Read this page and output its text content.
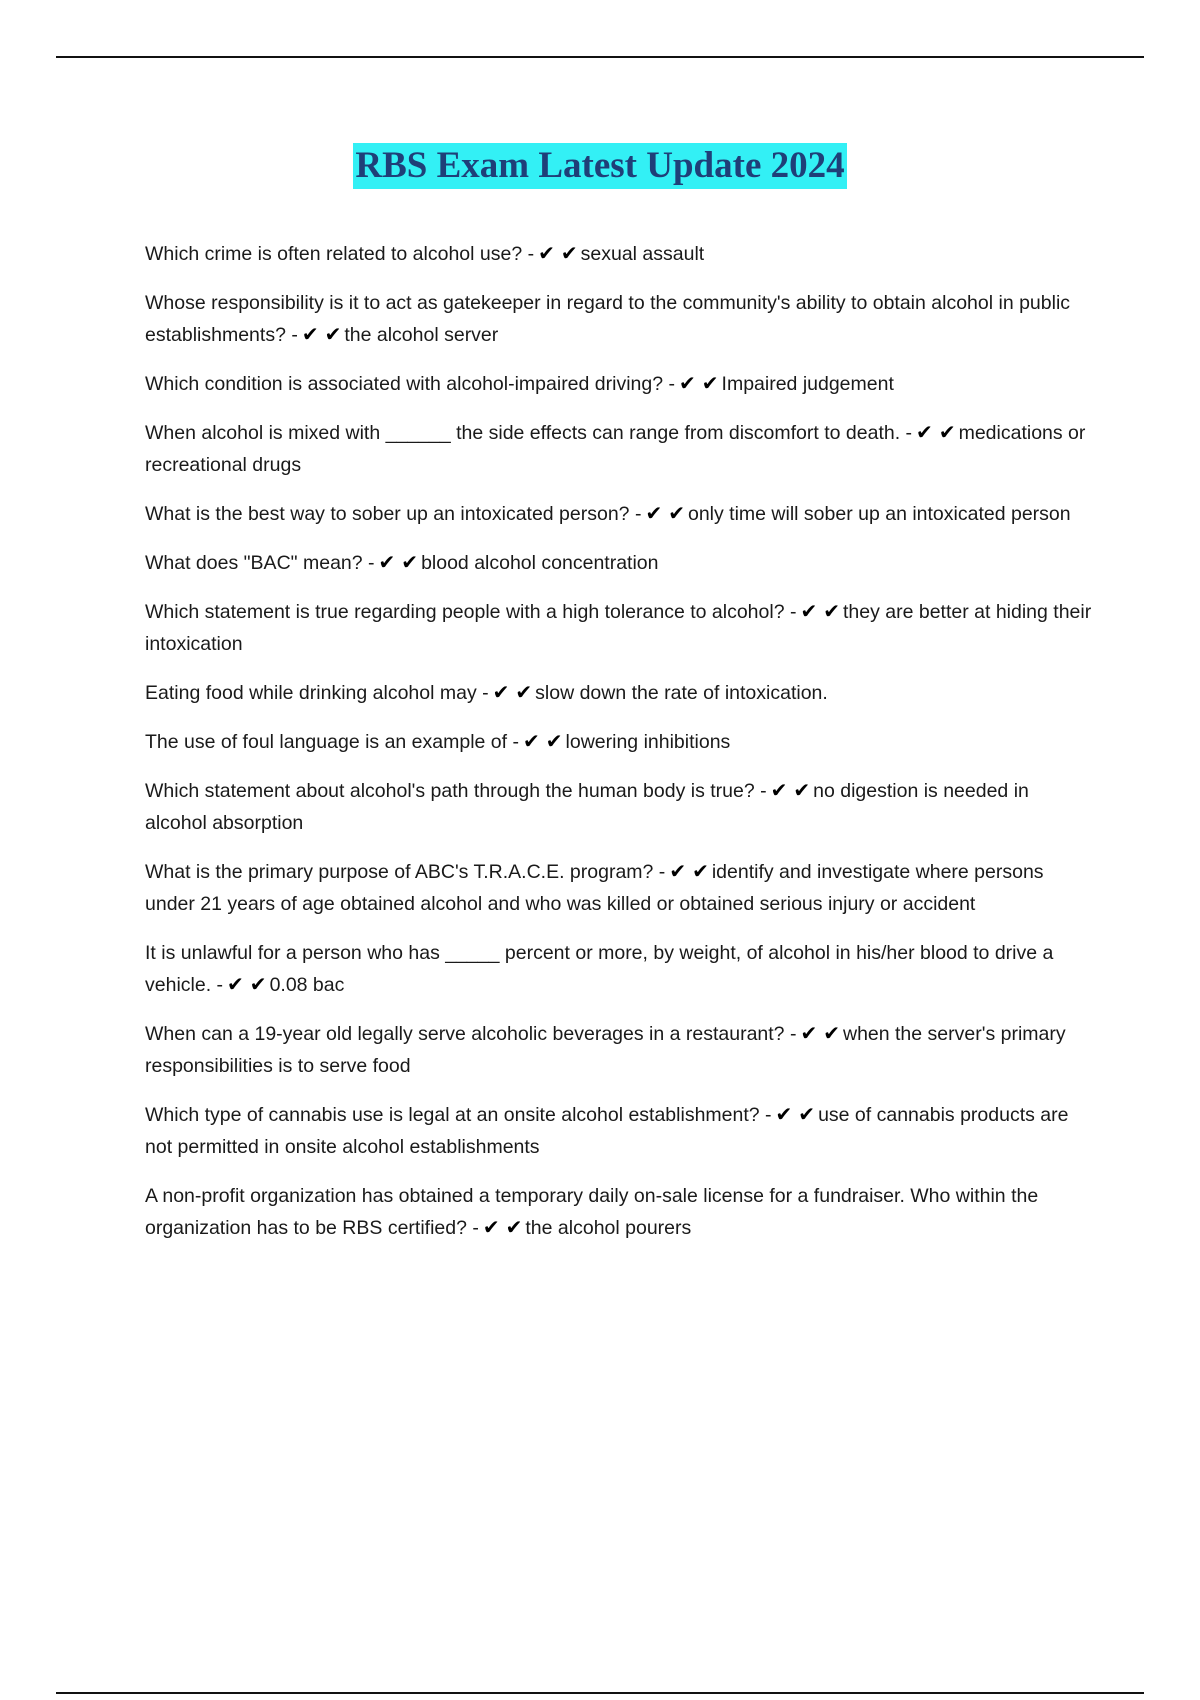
RBS Exam Latest Update 2024
Which crime is often related to alcohol use? - ✔ ✔ sexual assault
Whose responsibility is it to act as gatekeeper in regard to the community's ability to obtain alcohol in public establishments? - ✔ ✔ the alcohol server
Which condition is associated with alcohol-impaired driving? - ✔ ✔ Impaired judgement
When alcohol is mixed with ______ the side effects can range from discomfort to death. - ✔ ✔ medications or recreational drugs
What is the best way to sober up an intoxicated person? - ✔ ✔ only time will sober up an intoxicated person
What does "BAC" mean? - ✔ ✔ blood alcohol concentration
Which statement is true regarding people with a high tolerance to alcohol? - ✔ ✔ they are better at hiding their intoxication
Eating food while drinking alcohol may - ✔ ✔ slow down the rate of intoxication.
The use of foul language is an example of - ✔ ✔ lowering inhibitions
Which statement about alcohol's path through the human body is true? - ✔ ✔ no digestion is needed in alcohol absorption
What is the primary purpose of ABC's T.R.A.C.E. program? - ✔ ✔ identify and investigate where persons under 21 years of age obtained alcohol and who was killed or obtained serious injury or accident
It is unlawful for a person who has _____ percent or more, by weight, of alcohol in his/her blood to drive a vehicle. - ✔ ✔ 0.08 bac
When can a 19-year old legally serve alcoholic beverages in a restaurant? - ✔ ✔ when the server's primary responsibilities is to serve food
Which type of cannabis use is legal at an onsite alcohol establishment? - ✔ ✔ use of cannabis products are not permitted in onsite alcohol establishments
A non-profit organization has obtained a temporary daily on-sale license for a fundraiser. Who within the organization has to be RBS certified? - ✔ ✔ the alcohol pourers
